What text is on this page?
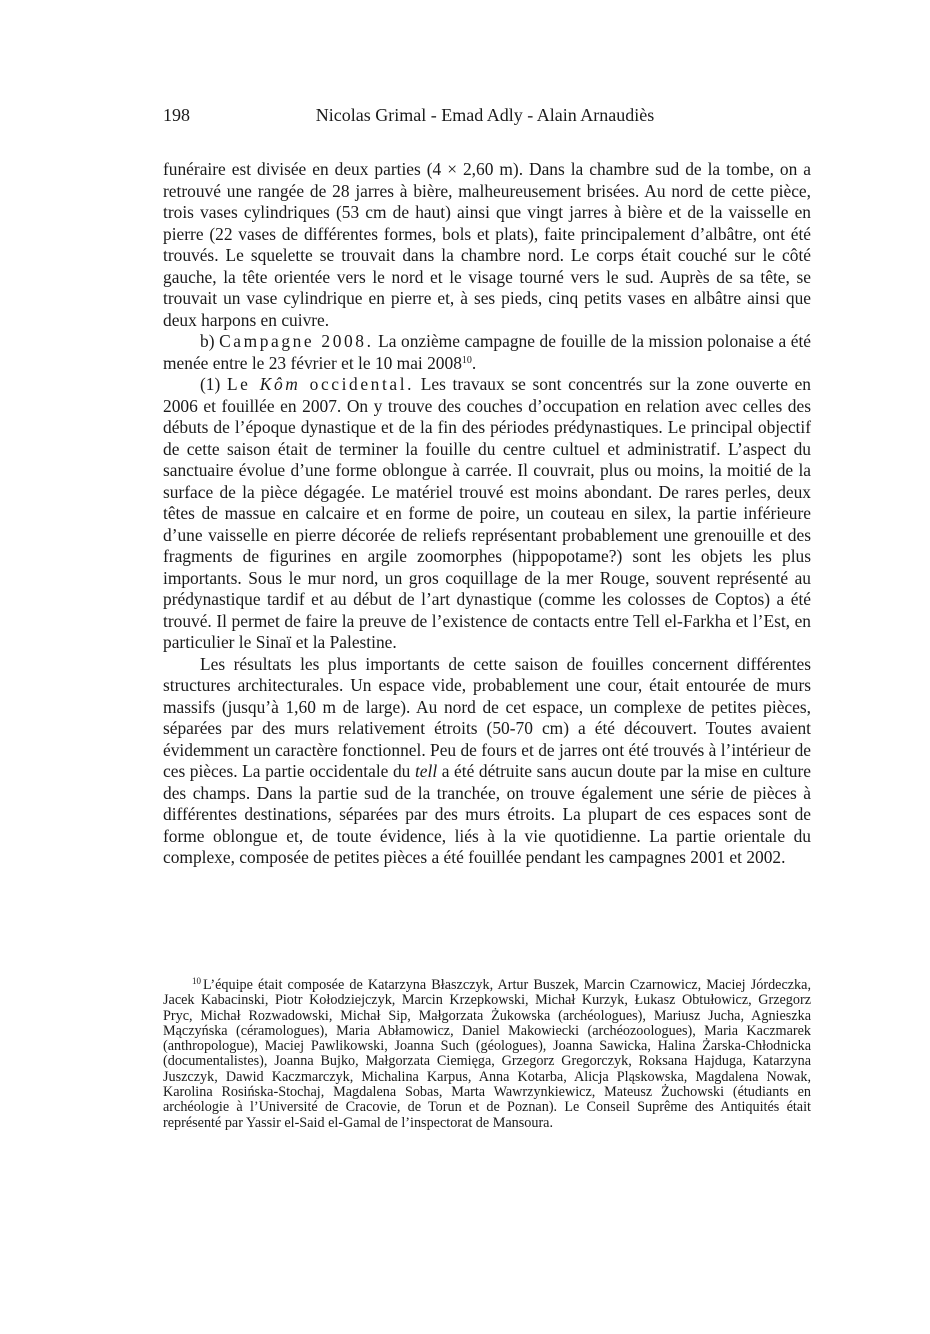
198	Nicolas Grimal - Emad Adly - Alain Arnaudiès

funéraire est divisée en deux parties (4 × 2,60 m). Dans la chambre sud de la tombe, on a retrouvé une rangée de 28 jarres à bière, malheureusement brisées. Au nord de cette pièce, trois vases cylindriques (53 cm de haut) ainsi que vingt jarres à bière et de la vaisselle en pierre (22 vases de différentes formes, bols et plats), faite principalement d’albâtre, ont été trouvés. Le squelette se trouvait dans la chambre nord. Le corps était couché sur le côté gauche, la tête orientée vers le nord et le visage tourné vers le sud. Auprès de sa tête, se trouvait un vase cylindrique en pierre et, à ses pieds, cinq petits vases en albâtre ainsi que deux harpons en cuivre.

b) Campagne 2008. La onzième campagne de fouille de la mission polonaise a été menée entre le 23 février et le 10 mai 2008$^{10}$.

(1) Le Kôm occidental. Les travaux se sont concentrés sur la zone ouverte en 2006 et fouillée en 2007. On y trouve des couches d’occupation en relation avec celles des débuts de l’époque dynastique et de la fin des périodes prédynastiques. Le principal objectif de cette saison était de terminer la fouille du centre cultuel et administratif. L’aspect du sanctuaire évolue d’une forme oblongue à carrée. Il couvrait, plus ou moins, la moitié de la surface de la pièce dégagée. Le matériel trouvé est moins abondant. De rares perles, deux têtes de massue en calcaire et en forme de poire, un couteau en silex, la partie inférieure d’une vaisselle en pierre décorée de reliefs représentant probablement une grenouille et des fragments de figurines en argile zoomorphes (hippopotame?) sont les objets les plus importants. Sous le mur nord, un gros coquillage de la mer Rouge, souvent représenté au prédynastique tardif et au début de l’art dynastique (comme les colosses de Coptos) a été trouvé. Il permet de faire la preuve de l’existence de contacts entre Tell el-Farkha et l’Est, en particulier le Sinaï et la Palestine.

Les résultats les plus importants de cette saison de fouilles concernent différentes structures architecturales. Un espace vide, probablement une cour, était entourée de murs massifs (jusqu’à 1,60 m de large). Au nord de cet espace, un complexe de petites pièces, séparées par des murs relativement étroits (50-70 cm) a été découvert. Toutes avaient évidemment un caractère fonctionnel. Peu de fours et de jarres ont été trouvés à l’intérieur de ces pièces. La partie occidentale du tell a été détruite sans aucun doute par la mise en culture des champs. Dans la partie sud de la tranchée, on trouve également une série de pièces à différentes destinations, séparées par des murs étroits. La plupart de ces espaces sont de forme oblongue et, de toute évidence, liés à la vie quotidienne. La partie orientale du complexe, composée de petites pièces a été fouillée pendant les campagnes 2001 et 2002.

$^{10}$ L’équipe était composée de Katarzyna Błaszczyk, Artur Buszek, Marcin Czarnowicz, Maciej Jórdeczka, Jacek Kabacinski, Piotr Kołodziejczyk, Marcin Krzepkowski, Michał Kurzyk, Łukasz Obtułowicz, Grzegorz Pryc, Michał Rozwadowski, Michał Sip, Małgorzata Żukowska (archéologues), Mariusz Jucha, Agnieszka Mączyńska (céramologues), Maria Abłamowicz, Daniel Makowiecki (archéozoologues), Maria Kaczmarek (anthropologue), Maciej Pawlikowski, Joanna Such (géologues), Joanna Sawicka, Halina Żarska-Chłodnicka (documentalistes), Joanna Bujko, Małgorzata Ciemięga, Grzegorz Gregorczyk, Roksana Hajduga, Katarzyna Juszczyk, Dawid Kaczmarczyk, Michalina Karpus, Anna Kotarba, Alicja Pląskowska, Magdalena Nowak, Karolina Rosińska-Stochaj, Magdalena Sobas, Marta Wawrzynkiewicz, Mateusz Żuchowski (étudiants en archéologie à l’Université de Cracovie, de Torun et de Poznan). Le Conseil Suprême des Antiquités était représenté par Yassir el-Said el-Gamal de l’inspectorat de Mansoura.
